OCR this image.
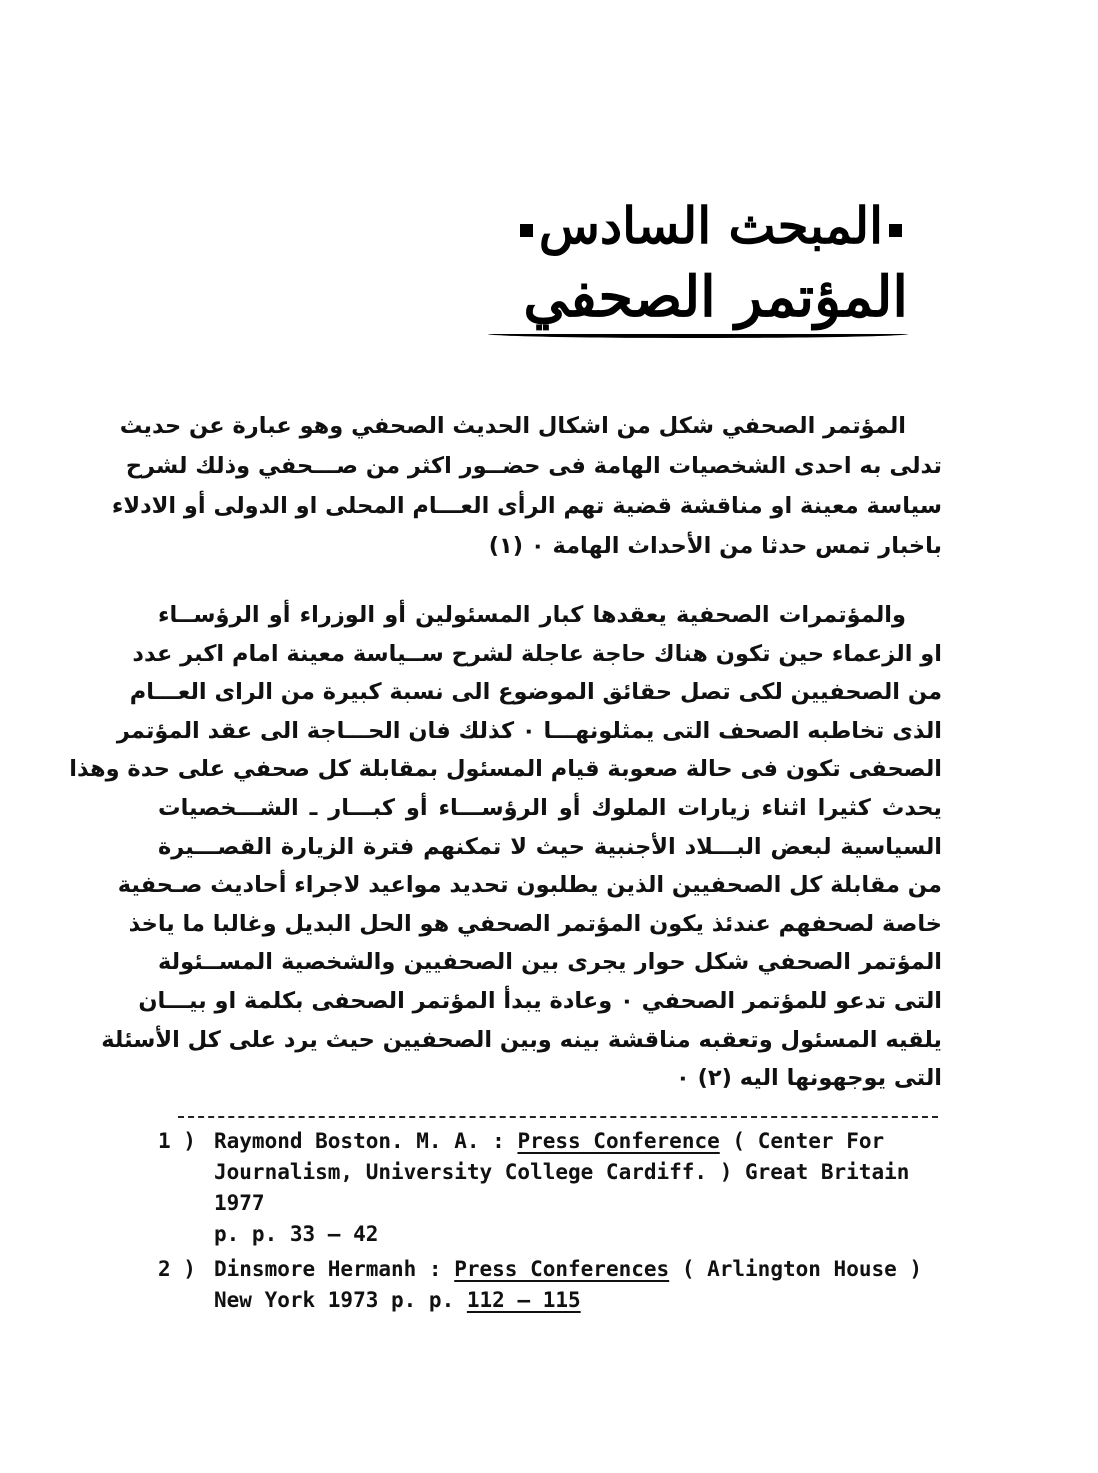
المبحث السادس
المؤتمر الصحفي
المؤتمر الصحفي شكل من اشكال الحديث الصحفي وهو عبارة عن حديث
تدلى به احدى الشخصيات الهامة فى حضــور اكثر من صـــحفي وذلك لشرح
سياسة معينة او مناقشة قضية تهم الرأى العـــام المحلى او الدولى أو الادلاء
باخبار تمس حدثا من الأحداث الهامة ٠ (١)
والمؤتمرات الصحفية يعقدها كبار المسئولين أو الوزراء أو الرؤســاء
او الزعماء حين تكون هناك حاجة عاجلة لشرح ســياسة معينة امام اكبر عدد
من الصحفيين لكى تصل حقائق الموضوع الى نسبة كبيرة من الراى العـــام
الذى تخاطبه الصحف التى يمثلونهـــا ٠ كذلك فان الحـــاجة الى عقد المؤتمر
الصحفى تكون فى حالة صعوبة قيام المسئول بمقابلة كل صحفي على حدة وهذا
يحدث كثيرا اثناء زيارات الملوك أو الرؤســـاء أو كبـــار ـ الشـــخصيات
السياسية لبعض البـــلاد الأجنبية حيث لا تمكنهم فترة الزيارة القصـــيرة
من مقابلة كل الصحفيين الذين يطلبون تحديد مواعيد لاجراء أحاديث صـحفية
خاصة لصحفهم عندئذ يكون المؤتمر الصحفي هو الحل البديل وغالبا ما ياخذ
المؤتمر الصحفي شكل حوار يجرى بين الصحفيين والشخصية المســئولة
التى تدعو للمؤتمر الصحفي ٠ وعادة يبدأ المؤتمر الصحفى بكلمة او بيـــان
يلقيه المسئول وتعقبه مناقشة بينه وبين الصحفيين حيث يرد على كل الأسئلة
التى يوجهونها اليه (٢) ٠
1 ) Raymond Boston. M. A. : Press Conference ( Center For
Journalism, University College Cardiff. ) Great Britain 1977
p. p. 33 — 42
2 ) Dinsmore Hermanh : Press Conferences ( Arlington House )
New York 1973 p. p. 112 — 115
